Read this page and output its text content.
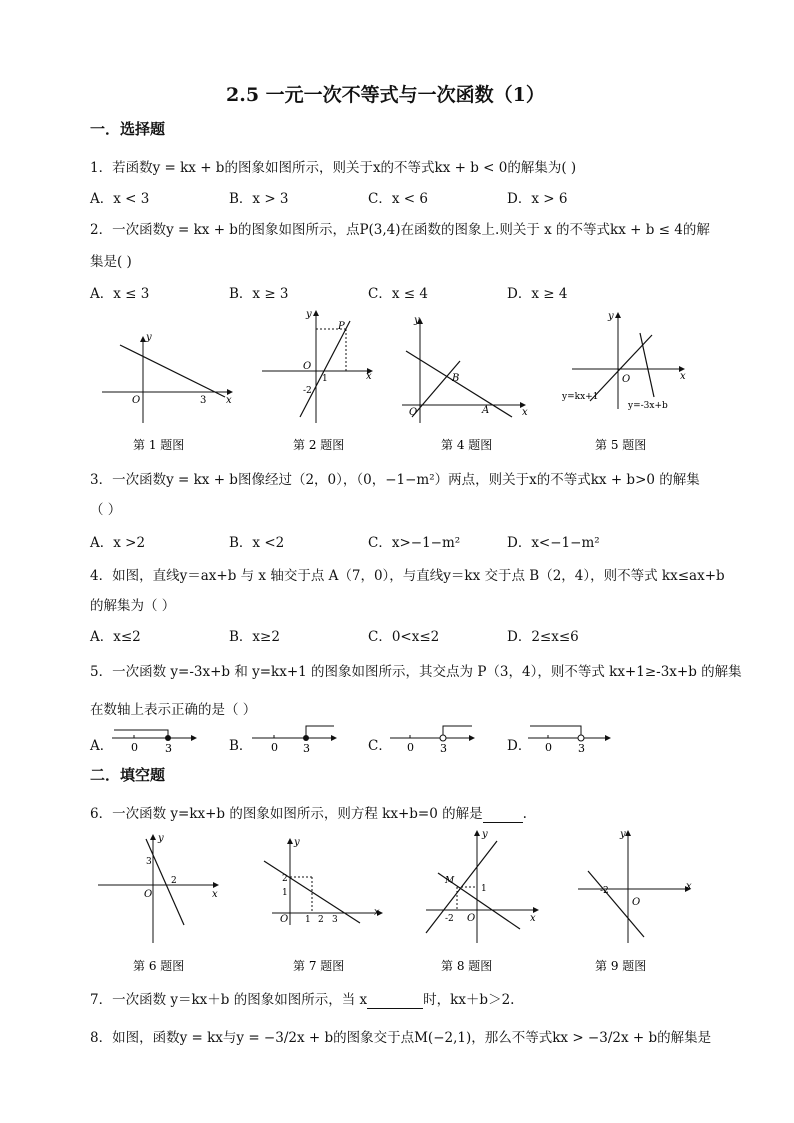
2.5 一元一次不等式与一次函数（1）
一．选择题
1．若函数y = kx + b的图象如图所示，则关于x的不等式kx + b < 0的解集为( )
A．x < 3	B．x > 3	C．x < 6	D．x > 6
2．一次函数y = kx + b的图象如图所示，点P(3,4)在函数的图象上.则关于 x 的不等式kx + b ≤ 4的解
集是( )
A．x ≤ 3	B．x ≥ 3	C．x ≤ 4	D．x ≥ 4
y
x
O	3
y
x
O
P
1
-2
y
x
O
B
A
y
x
O
y=kx+1
y=-3x+b
第 1 题图	第 2 题图	第 4 题图	第 5 题图
3．一次函数y = kx + b图像经过（2，0），（0，−1−m²）两点，则关于x的不等式kx + b>0 的解集
（ ）
A．x >2	B．x <2	C．x>−1−m²	D．x<−1−m²
4．如图，直线y＝ax+b 与 x 轴交于点 A（7，0），与直线y＝kx 交于点 B（2，4），则不等式 kx≤ax+b
的解集为（ ）
A．x≤2	B．x≥2	C．0<x≤2	D．2≤x≤6
5．一次函数 y=-3x+b 和 y=kx+1 的图象如图所示，其交点为 P（3，4），则不等式 kx+1≥-3x+b 的解集
在数轴上表示正确的是（ ）
A．	B．	C．	D．
0 3	0 3	0 3	0 3
二．填空题
6．一次函数 y=kx+b 的图象如图所示，则方程 kx+b=0 的解是	.
y
x
O
3
2
y
x
O
2
1
1 2 3
y
x
O
M
1
-2
y
x
O
-2
第 6 题图	第 7 题图	第 8 题图	第 9 题图
7．一次函数 y＝kx＋b 的图象如图所示，当 x	时，kx＋b＞2.
8．如图，函数y = kx与y = −3/2x + b的图象交于点M(−2,1)，那么不等式kx > −3/2x + b的解集是
